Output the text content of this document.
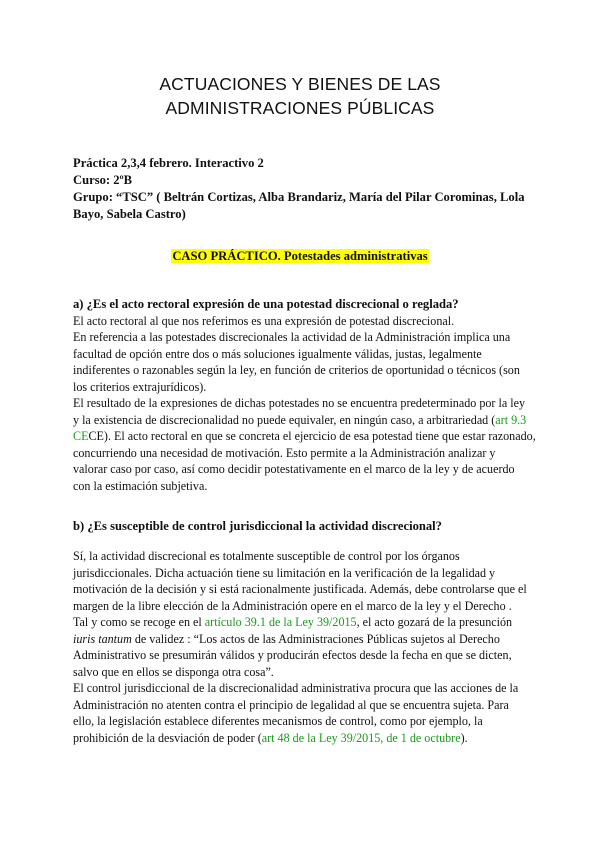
ACTUACIONES Y BIENES DE LAS
ADMINISTRACIONES PÚBLICAS
Práctica 2,3,4 febrero. Interactivo 2
Curso: 2ºB
Grupo: “TSC” ( Beltrán Cortizas, Alba Brandariz, María del Pilar Corominas, Lola
Bayo, Sabela Castro)
CASO PRÁCTICO. Potestades administrativas

a) ¿Es el acto rectoral expresión de una potestad discrecional o reglada?

El acto rectoral al que nos referimos es una expresión de potestad discrecional.
En referencia a las potestades discrecionales la actividad de la Administración implica una
facultad de opción entre dos o más soluciones igualmente válidas, justas, legalmente
indiferentes o razonables según la ley, en función de criterios de oportunidad o técnicos (son
los criterios extrajurídicos).
El resultado de la expresiones de dichas potestades no se encuentra predeterminado por la ley
y la existencia de discrecionalidad no puede equivaler, en ningún caso, a arbitrariedad (art 9.3
CECE). El acto rectoral en que se concreta el ejercicio de esa potestad tiene que estar razonado,
concurriendo una necesidad de motivación. Esto permite a la Administración analizar y
valorar caso por caso, así como decidir potestativamente en el marco de la ley y de acuerdo
con la estimación subjetiva.

b) ¿Es susceptible de control jurisdiccional la actividad discrecional?

Sí, la actividad discrecional es totalmente susceptible de control por los órganos
jurisdiccionales. Dicha actuación tiene su limitación en la verificación de la legalidad y
motivación de la decisión y si está racionalmente justificada. Además, debe controlarse que el
margen de la libre elección de la Administración opere en el marco de la ley y el Derecho .
Tal y como se recoge en el artículo 39.1 de la Ley 39/2015, el acto gozará de la presunción
iuris tantum de validez : “Los actos de las Administraciones Públicas sujetos al Derecho
Administrativo se presumirán válidos y producirán efectos desde la fecha en que se dicten,
salvo que en ellos se disponga otra cosa”.
El control jurisdiccional de la discrecionalidad administrativa procura que las acciones de la
Administración no atenten contra el principio de legalidad al que se encuentra sujeta. Para
ello, la legislación establece diferentes mecanismos de control, como por ejemplo, la
prohibición de la desviación de poder (art 48 de la Ley 39/2015, de 1 de octubre).
